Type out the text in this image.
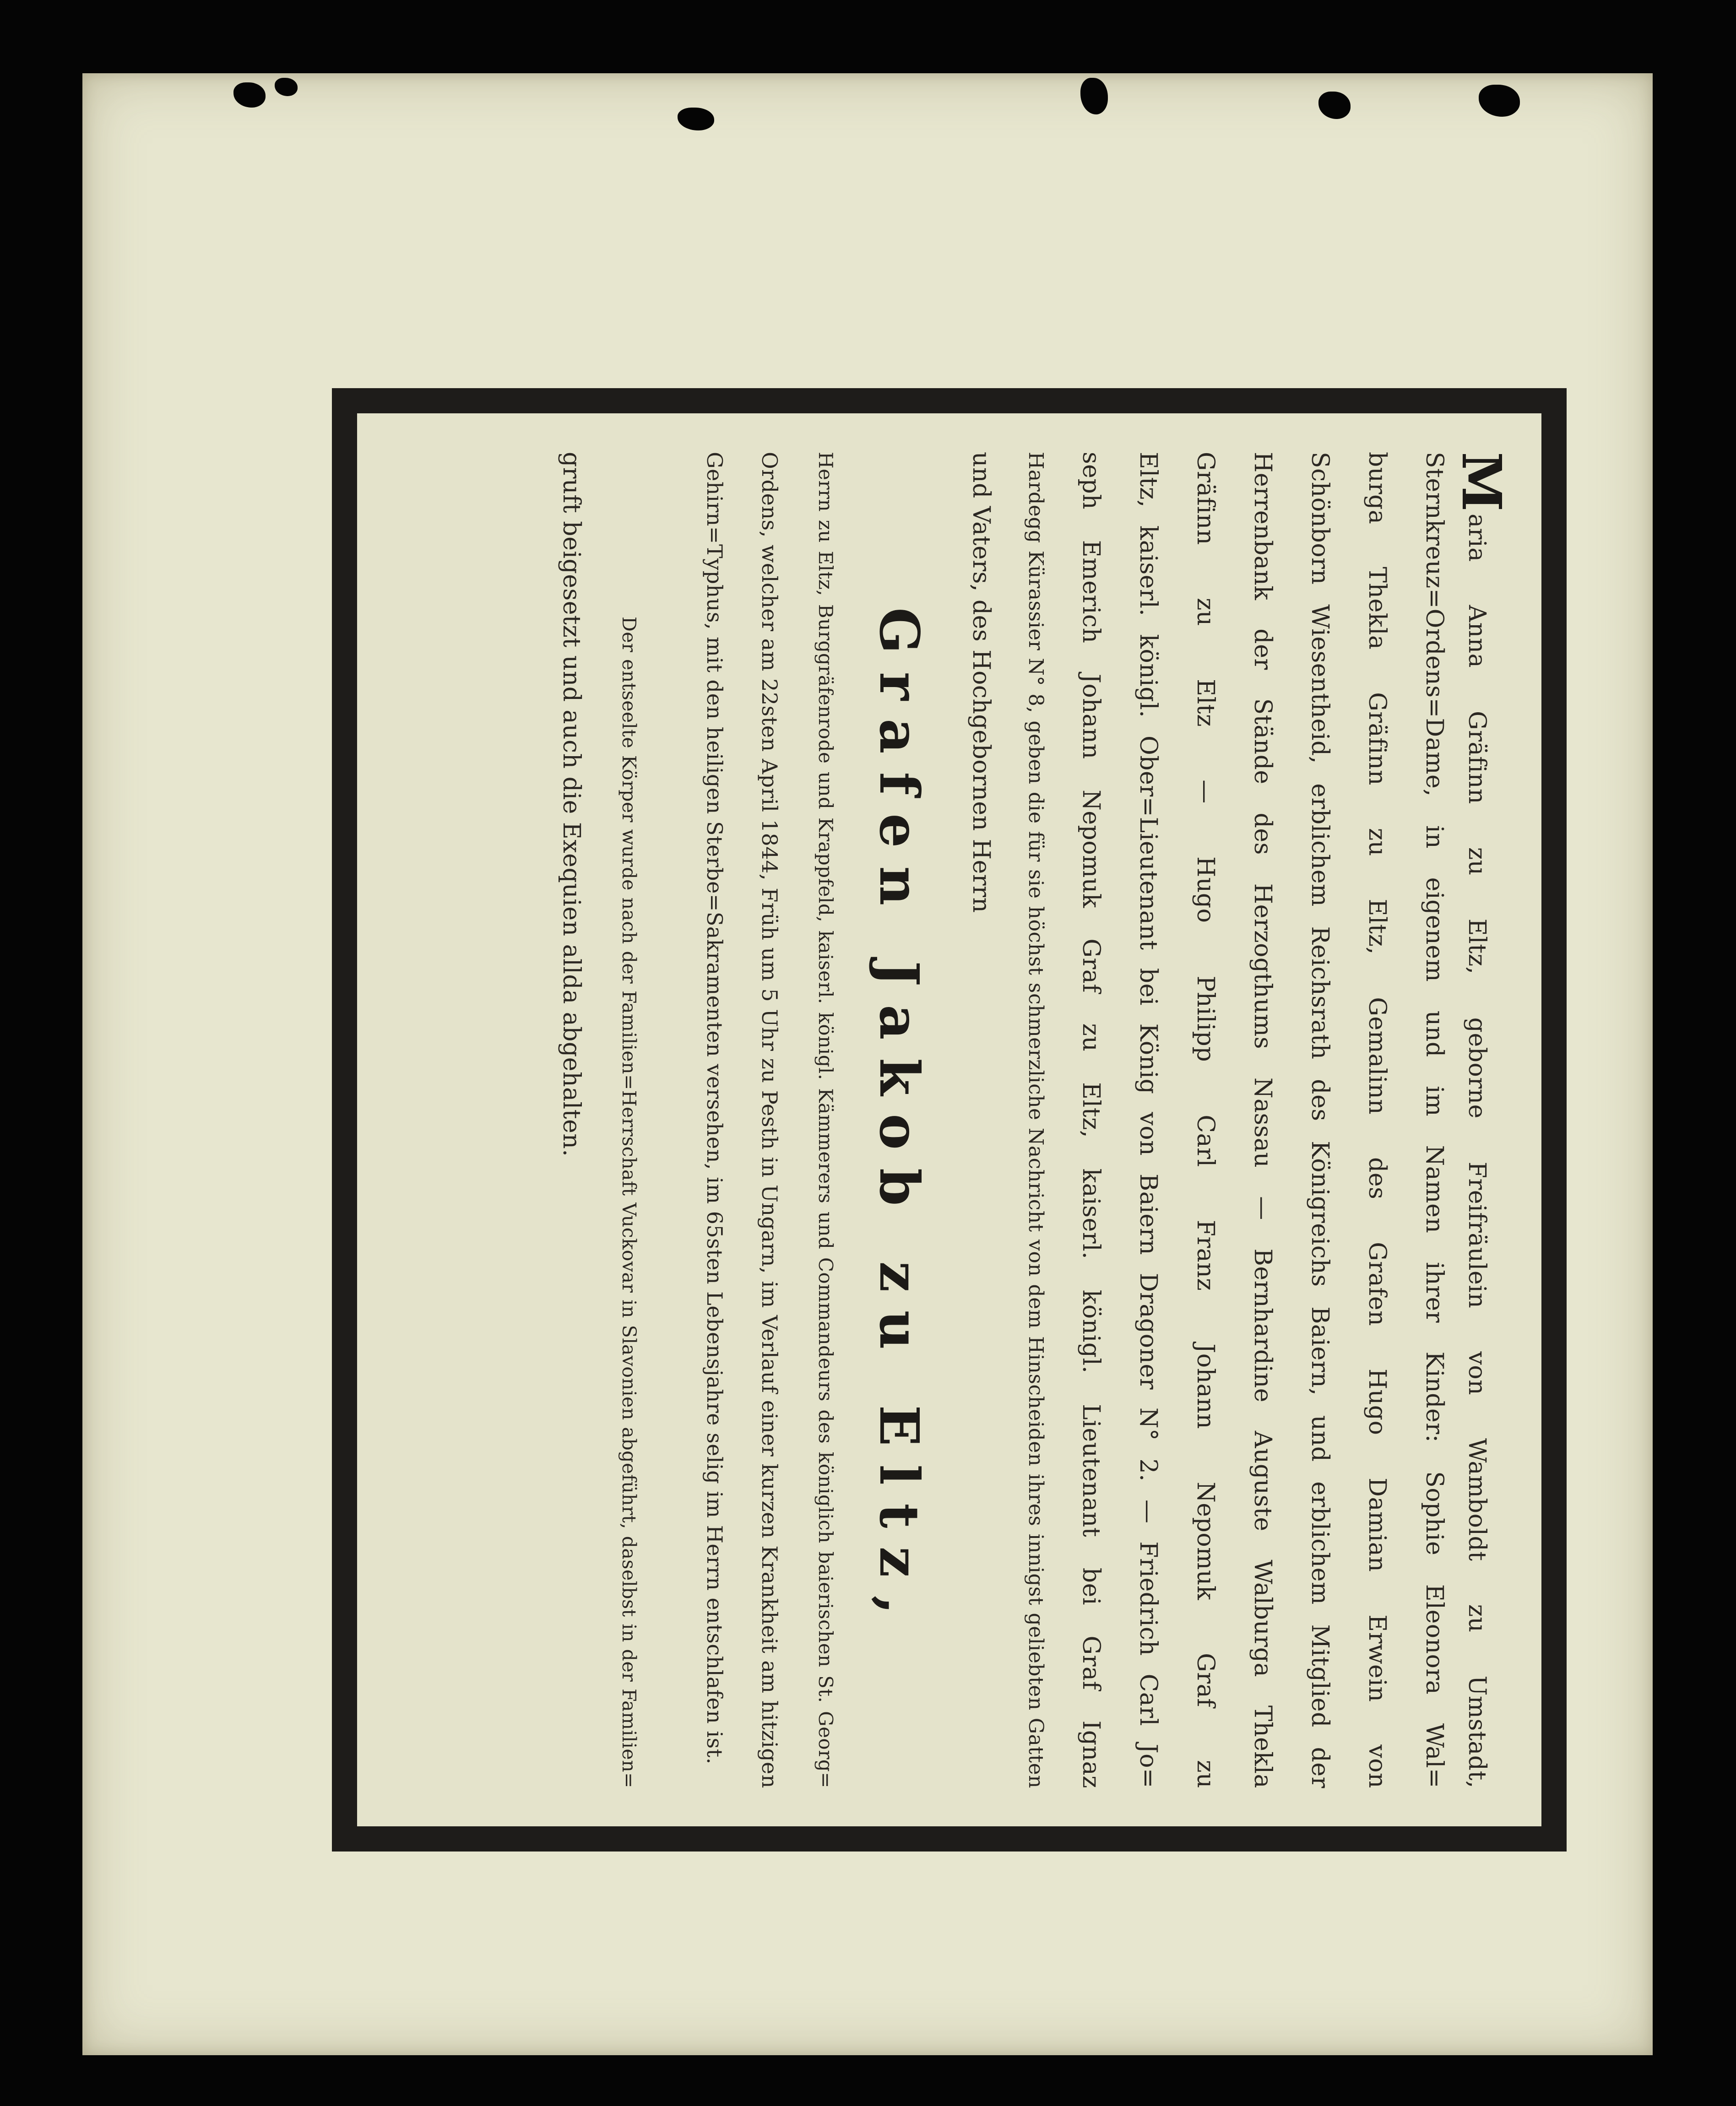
Maria Anna Gräfinn zu Eltz, geborne Freifräulein von Wamboldt zu Umstadt,
Sternkreuz=Ordens=Dame, in eigenem und im Namen ihrer Kinder: Sophie Eleonora Wal=
burga Thekla Gräfinn zu Eltz, Gemalinn des Grafen Hugo Damian Erwein von
Schönborn Wiesentheid, erblichem Reichsrath des Königreichs Baiern, und erblichem Mitglied der
Herrenbank der Stände des Herzogthums Nassau — Bernhardine Auguste Walburga Thekla
Gräfinn zu Eltz — Hugo Philipp Carl Franz Johann Nepomuk Graf zu
Eltz, kaiserl. königl. Ober=Lieutenant bei König von Baiern Dragoner N° 2. — Friedrich Carl Jo=
seph Emerich Johann Nepomuk Graf zu Eltz, kaiserl. königl. Lieutenant bei Graf Ignaz
Hardegg Kürassier N° 8, geben die für sie höchst schmerzliche Nachricht von dem Hinscheiden ihres innigst geliebten Gatten
und Vaters, des Hochgebornen Herrn
Grafen Jakob zu Eltz,
Herrn zu Eltz, Burggräfenrode und Krappfeld, kaiserl. königl. Kämmerers und Commandeurs des königlich baierischen St. Georg=
Ordens, welcher am 22sten April 1844, Früh um 5 Uhr zu Pesth in Ungarn, im Verlauf einer kurzen Krankheit am hitzigen
Gehirn=Typhus, mit den heiligen Sterbe=Sakramenten versehen, im 65sten Lebensjahre selig im Herrn entschlafen ist.
Der entseelte Körper wurde nach der Familien=Herrschaft Vuckovar in Slavonien abgeführt, daselbst in der Familien=
gruft beigesetzt und auch die Exequien allda abgehalten.
